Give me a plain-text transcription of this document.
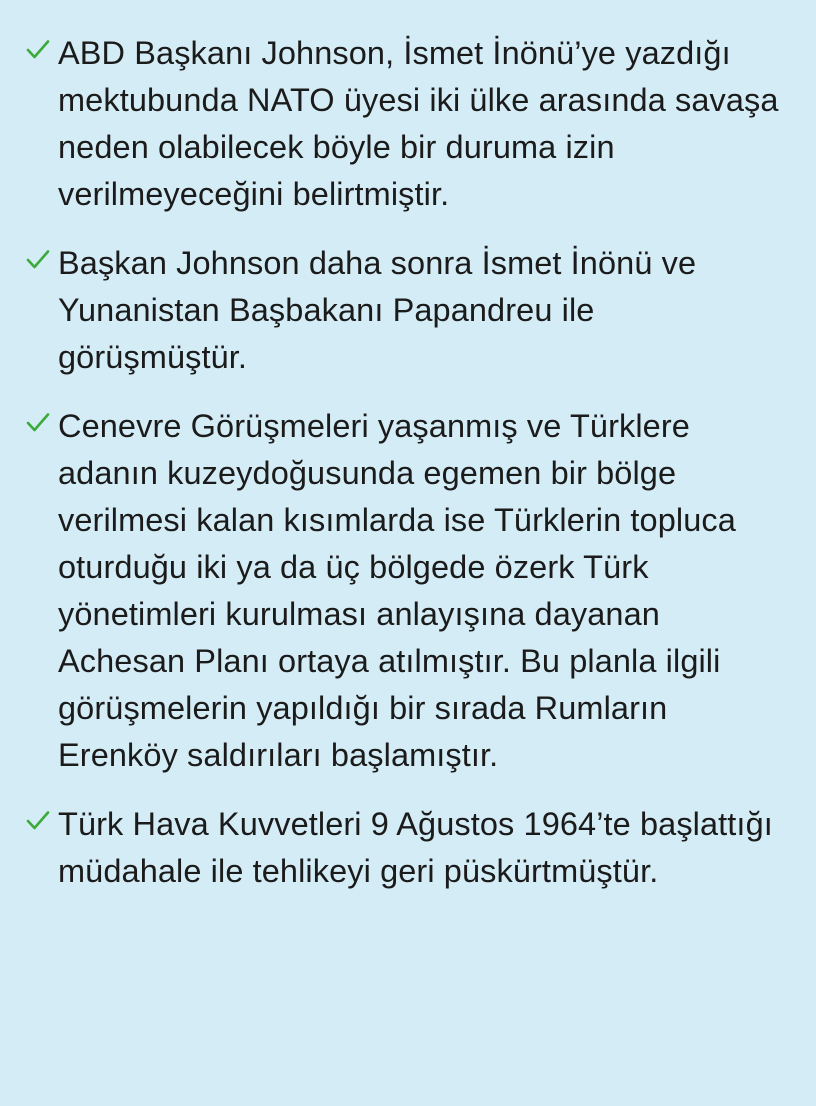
ABD Başkanı Johnson, İsmet İnönü’ye yazdığı mektubunda NATO üyesi iki ülke arasında savaşa neden olabilecek böyle bir duruma izin verilmeyeceğini belirtmiştir.
Başkan Johnson daha sonra İsmet İnönü ve Yunanistan Başbakanı Papandreu ile görüşmüştür.
Cenevre Görüşmeleri yaşanmış ve Türklere adanın kuzeydoğusunda egemen bir bölge verilmesi kalan kısımlarda ise Türklerin topluca oturduğu iki ya da üç bölgede özerk Türk yönetimleri kurulması anlayışına dayanan Achesan Planı ortaya atılmıştır. Bu planla ilgili görüşmelerin yapıldığı bir sırada Rumların Erenköy saldırıları başlamıştır.
Türk Hava Kuvvetleri 9 Ağustos 1964’te başlattığı müdahale ile tehlikeyi geri püskürtmüştür.
